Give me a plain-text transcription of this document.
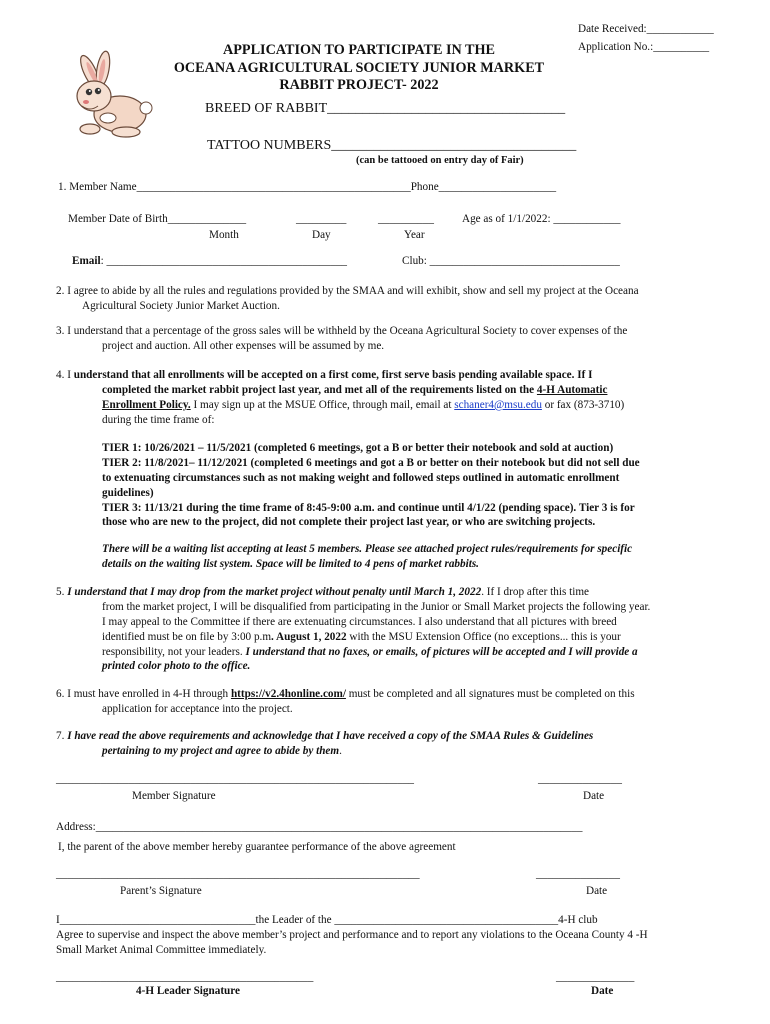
Date Received:____________
Application No.:__________
APPLICATION TO PARTICIPATE IN THE
OCEANA AGRICULTURAL SOCIETY JUNIOR MARKET
RABBIT PROJECT- 2022
BREED OF RABBIT__________________________________
TATTOO NUMBERS___________________________________
(can be tattooed on entry day of Fair)
1. Member Name_________________________________________________Phone_____________________
Member Date of Birth______________	_________	__________	Age as of 1/1/2022: ____________
Month	Day	Year
Email: ___________________________________________	Club: __________________________________
2. I agree to abide by all the rules and regulations provided by the SMAA and will exhibit, show and sell my project at the Oceana
Agricultural Society Junior Market Auction.
3. I understand that a percentage of the gross sales will be withheld by the Oceana Agricultural Society to cover expenses of the
project and auction. All other expenses will be assumed by me.
4. I understand that all enrollments will be accepted on a first come, first serve basis pending available space. If I
completed the market rabbit project last year, and met all of the requirements listed on the 4-H Automatic
Enrollment Policy. I may sign up at the MSUE Office, through mail, email at schaner4@msu.edu or fax (873-3710)
during the time frame of:
TIER 1: 10/26/2021 – 11/5/2021 (completed 6 meetings, got a B or better their notebook and sold at auction)
TIER 2: 11/8/2021– 11/12/2021 (completed 6 meetings and got a B or better on their notebook but did not sell due
to extenuating circumstances such as not making weight and followed steps outlined in automatic enrollment
guidelines)
TIER 3: 11/13/21 during the time frame of 8:45-9:00 a.m. and continue until 4/1/22 (pending space). Tier 3 is for
those who are new to the project, did not complete their project last year, or who are switching projects.
There will be a waiting list accepting at least 5 members. Please see attached project rules/requirements for specific
details on the waiting list system. Space will be limited to 4 pens of market rabbits.
5. I understand that I may drop from the market project without penalty until March 1, 2022. If I drop after this time
from the market project, I will be disqualified from participating in the Junior or Small Market projects the following year.
I may appeal to the Committee if there are extenuating circumstances. I also understand that all pictures with breed
identified must be on file by 3:00 p.m. August 1, 2022 with the MSU Extension Office (no exceptions... this is your
responsibility, not your leaders. I understand that no faxes, or emails, of pictures will be accepted and I will provide a
printed color photo to the office.
6. I must have enrolled in 4-H through https://v2.4honline.com/ must be completed and all signatures must be completed on this
application for acceptance into the project.
7. I have read the above requirements and acknowledge that I have received a copy of the SMAA Rules & Guidelines
pertaining to my project and agree to abide by them.
________________________________________________________________	_______________
Member Signature	Date
Address:_______________________________________________________________________________________
I, the parent of the above member hereby guarantee performance of the above agreement
_________________________________________________________________	_______________
Parent’s Signature	Date
I___________________________________the Leader of the ________________________________________4-H club
Agree to supervise and inspect the above member’s project and performance and to report any violations to the Oceana County 4 -H
Small Market Animal Committee immediately.
______________________________________________	______________
4-H Leader Signature	Date
